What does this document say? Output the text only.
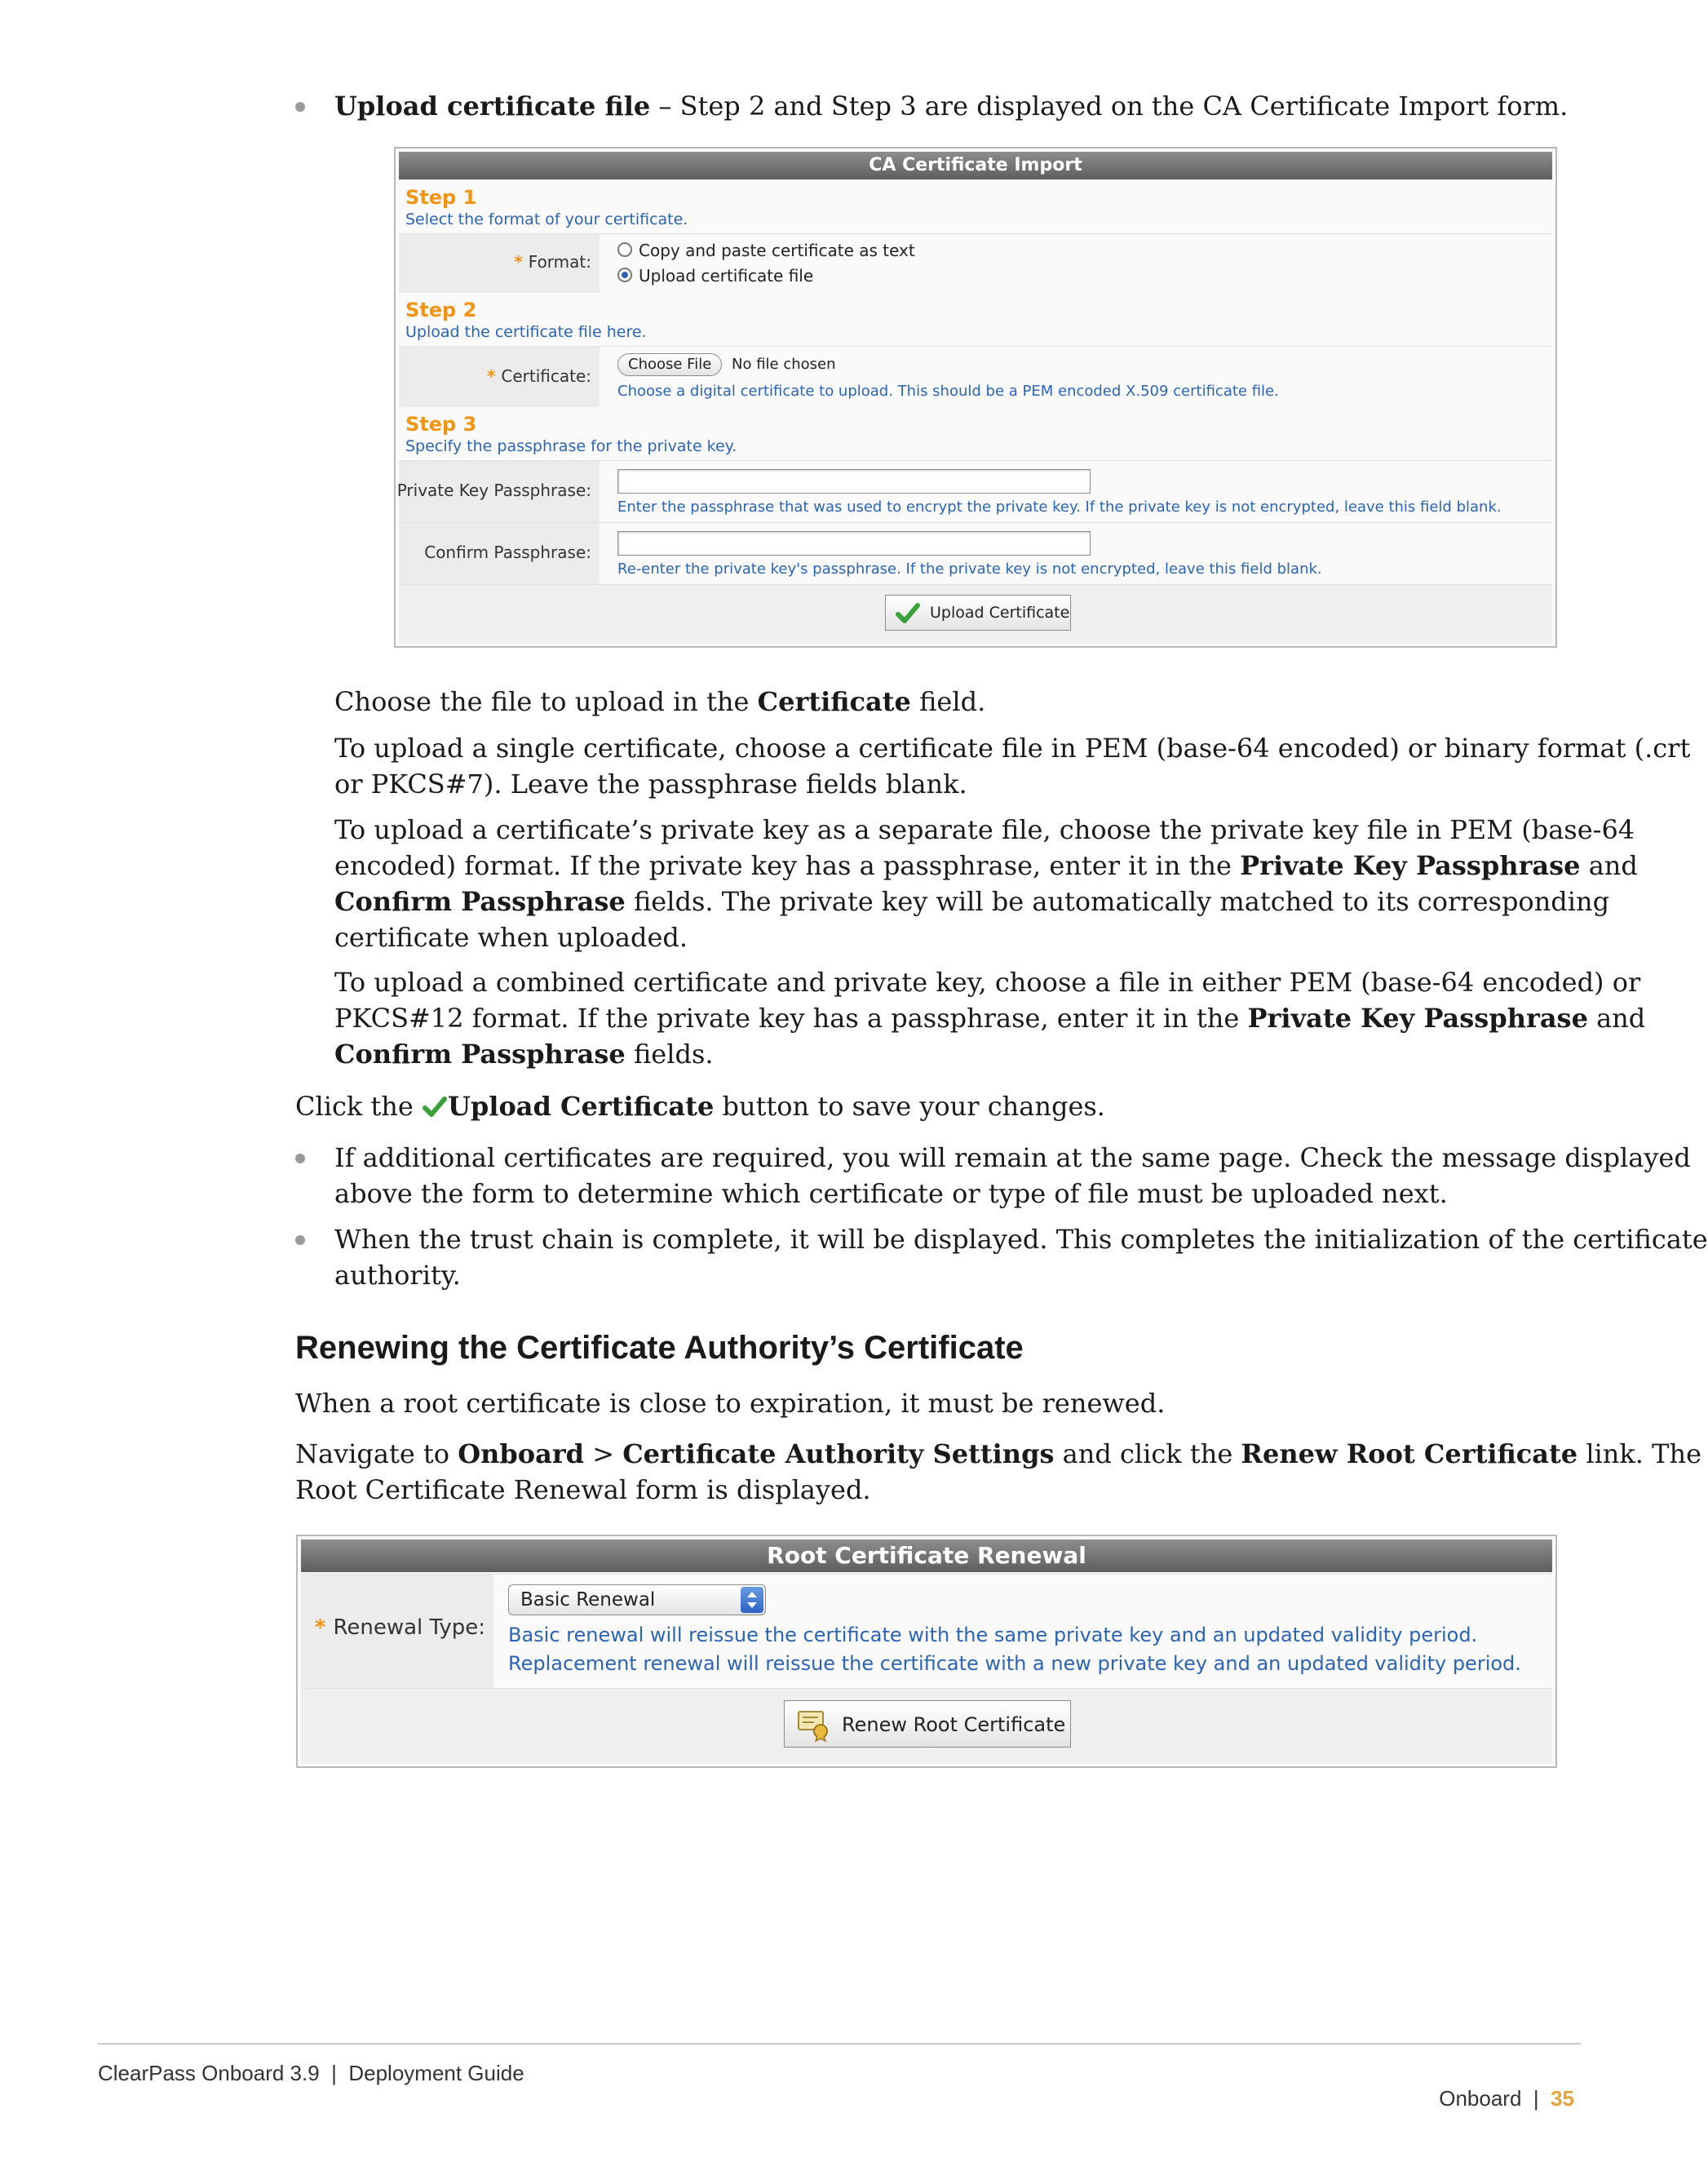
Upload certificate file – Step 2 and Step 3 are displayed on the CA Certificate Import form.
CA Certificate Import
Step 1
Select the format of your certificate.
* Format:
Copy and paste certificate as text
Upload certificate file
Step 2
Upload the certificate file here.
* Certificate:
Choose File	No file chosen
Choose a digital certificate to upload. This should be a PEM encoded X.509 certificate file.
Step 3
Specify the passphrase for the private key.
Private Key Passphrase:
Enter the passphrase that was used to encrypt the private key. If the private key is not encrypted, leave this field blank.
Confirm Passphrase:
Re-enter the private key's passphrase. If the private key is not encrypted, leave this field blank.
Upload Certificate
Choose the file to upload in the Certificate field.
To upload a single certificate, choose a certificate file in PEM (base-64 encoded) or binary format (.crt
or PKCS#7). Leave the passphrase fields blank.
To upload a certificate’s private key as a separate file, choose the private key file in PEM (base-64
encoded) format. If the private key has a passphrase, enter it in the Private Key Passphrase and
Confirm Passphrase fields. The private key will be automatically matched to its corresponding
certificate when uploaded.
To upload a combined certificate and private key, choose a file in either PEM (base-64 encoded) or
PKCS#12 format. If the private key has a passphrase, enter it in the Private Key Passphrase and
Confirm Passphrase fields.
Click the Upload Certificate button to save your changes.
If additional certificates are required, you will remain at the same page. Check the message displayed
above the form to determine which certificate or type of file must be uploaded next.
When the trust chain is complete, it will be displayed. This completes the initialization of the certificate
authority.
Renewing the Certificate Authority’s Certificate
When a root certificate is close to expiration, it must be renewed.
Navigate to Onboard > Certificate Authority Settings and click the Renew Root Certificate link. The
Root Certificate Renewal form is displayed.
Root Certificate Renewal
* Renewal Type:
Basic Renewal
Basic renewal will reissue the certificate with the same private key and an updated validity period.
Replacement renewal will reissue the certificate with a new private key and an updated validity period.
Renew Root Certificate
ClearPass Onboard 3.9  |  Deployment Guide

Onboard | 35
